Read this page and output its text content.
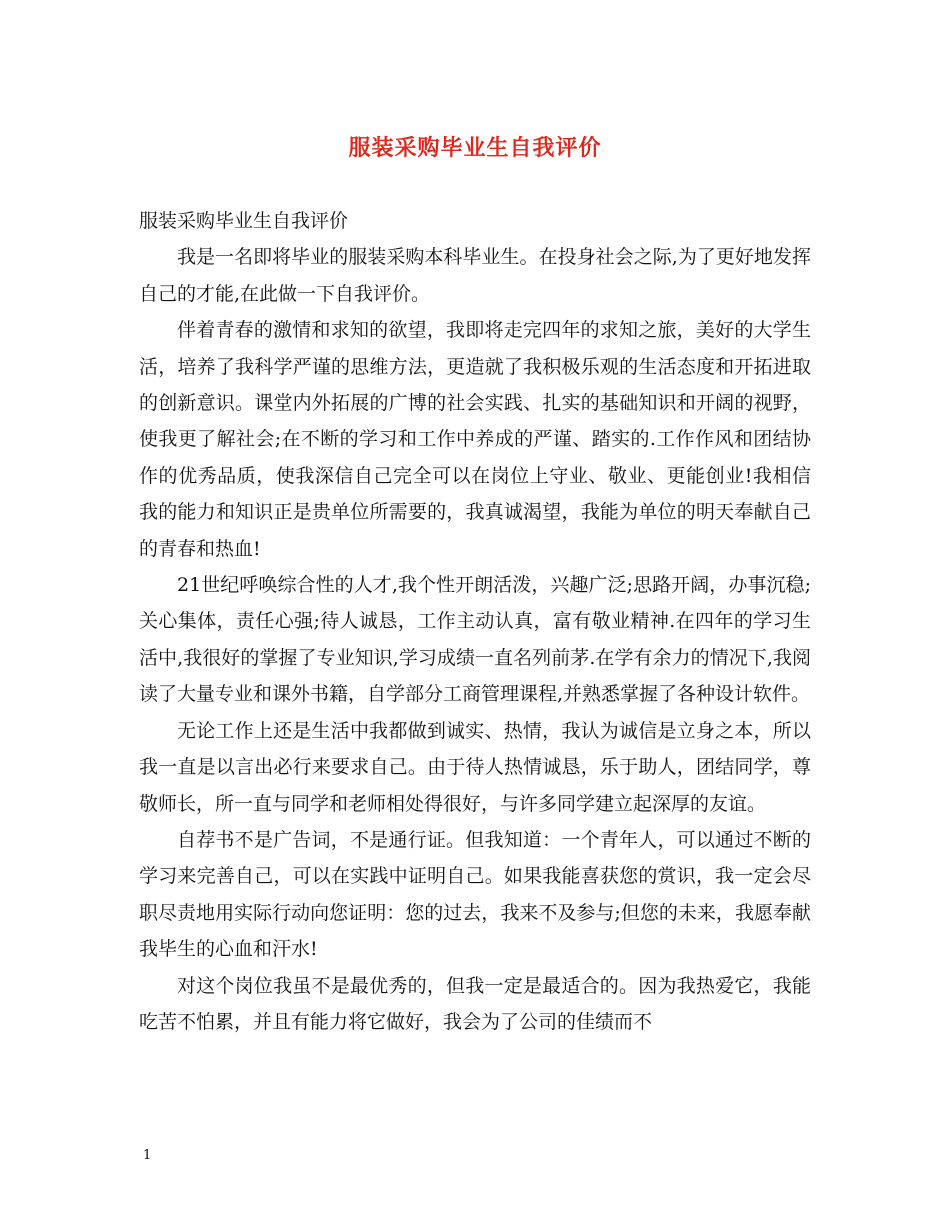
服装采购毕业生自我评价

服装采购毕业生自我评价

我是一名即将毕业的服装采购本科毕业生。在投身社会之际,为了更好地发挥自己的才能,在此做一下自我评价。

伴着青春的激情和求知的欲望，我即将走完四年的求知之旅，美好的大学生活，培养了我科学严谨的思维方法，更造就了我积极乐观的生活态度和开拓进取的创新意识。课堂内外拓展的广博的社会实践、扎实的基础知识和开阔的视野，使我更了解社会;在不断的学习和工作中养成的严谨、踏实的.工作作风和团结协作的优秀品质，使我深信自己完全可以在岗位上守业、敬业、更能创业!我相信我的能力和知识正是贵单位所需要的，我真诚渴望，我能为单位的明天奉献自己的青春和热血!

21世纪呼唤综合性的人才,我个性开朗活泼，兴趣广泛;思路开阔，办事沉稳;关心集体，责任心强;待人诚恳，工作主动认真，富有敬业精神.在四年的学习生活中,我很好的掌握了专业知识,学习成绩一直名列前茅.在学有余力的情况下,我阅读了大量专业和课外书籍，自学部分工商管理课程,并熟悉掌握了各种设计软件。

无论工作上还是生活中我都做到诚实、热情，我认为诚信是立身之本，所以我一直是以言出必行来要求自己。由于待人热情诚恳，乐于助人，团结同学，尊敬师长，所一直与同学和老师相处得很好，与许多同学建立起深厚的友谊。

自荐书不是广告词，不是通行证。但我知道：一个青年人，可以通过不断的学习来完善自己，可以在实践中证明自己。如果我能喜获您的赏识，我一定会尽职尽责地用实际行动向您证明：您的过去，我来不及参与;但您的未来，我愿奉献我毕生的心血和汗水!

对这个岗位我虽不是最优秀的，但我一定是最适合的。因为我热爱它，我能吃苦不怕累，并且有能力将它做好，我会为了公司的佳绩而不

1
